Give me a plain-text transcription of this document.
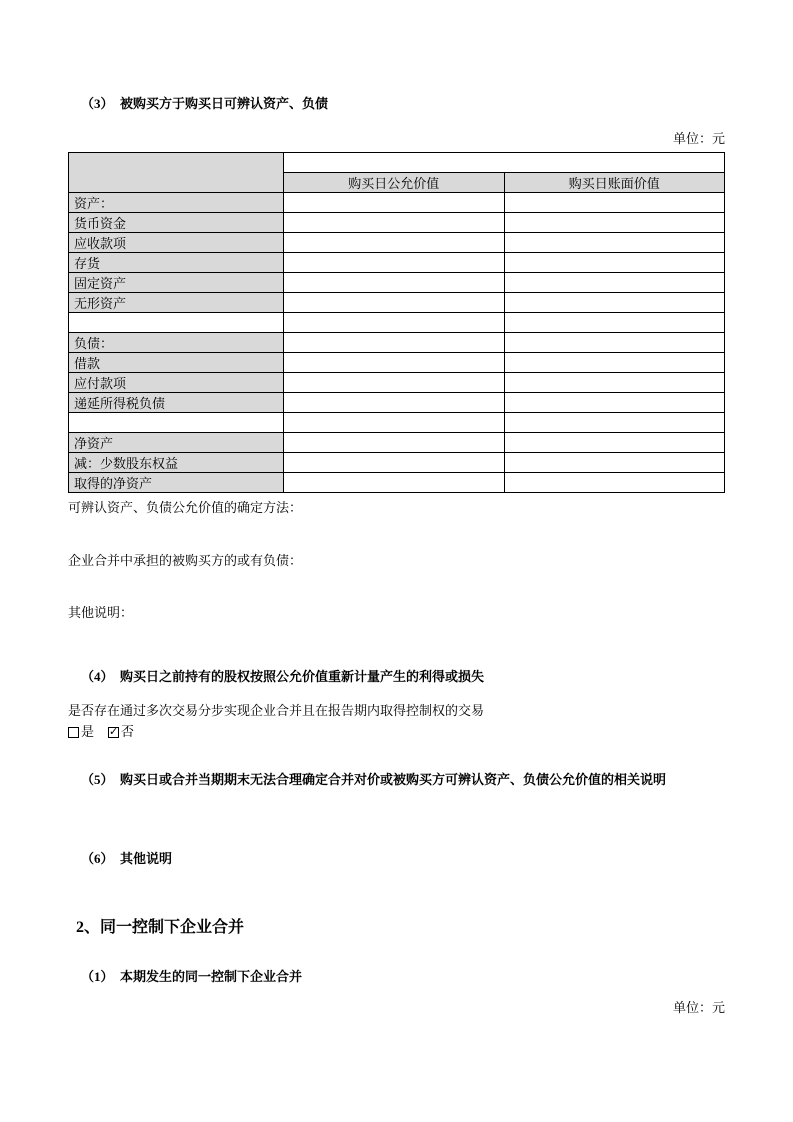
（3）  被购买方于购买日可辨认资产、负债
单位：元

	购买日公允价值	购买日账面价值
资产：		
货币资金		
应收款项		
存货		
固定资产		
无形资产		

负债：		
借款		
应付款项		
递延所得税负债		

净资产		
减：少数股东权益		
取得的净资产		

可辨认资产、负债公允价值的确定方法：

企业合并中承担的被购买方的或有负债：

其他说明：

（4）  购买日之前持有的股权按照公允价值重新计量产生的利得或损失

是否存在通过多次交易分步实现企业合并且在报告期内取得控制权的交易

是 ✓ 否
（5）  购买日或合并当期期末无法合理确定合并对价或被购买方可辨认资产、负债公允价值的相关说明
（6）  其他说明
2、同一控制下企业合并
（1）  本期发生的同一控制下企业合并
单位：元
